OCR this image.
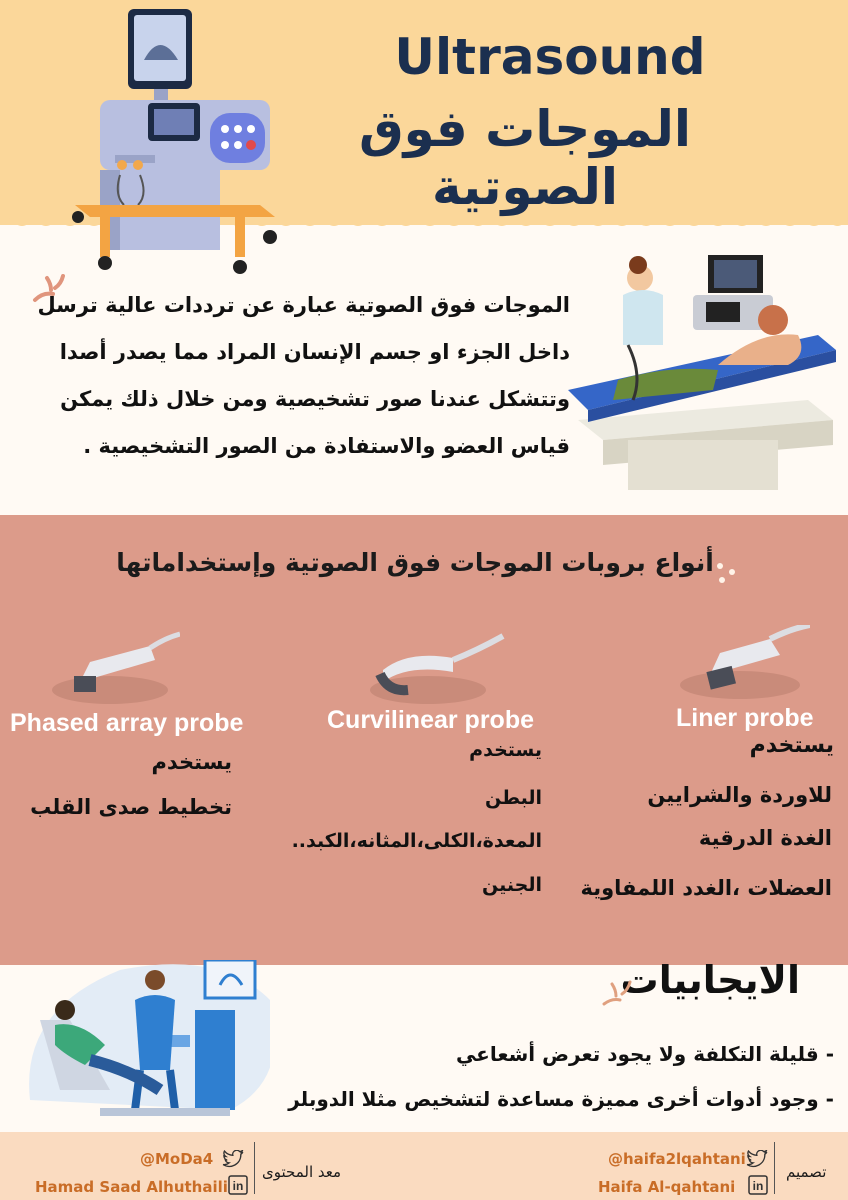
Ultrasound
الموجات فوق الصوتية
الموجات فوق الصوتية عبارة عن ترددات عالية ترسل
داخل الجزء او جسم الإنسان المراد مما يصدر أصدا
وتتشكل عندنا صور تشخيصية ومن خلال ذلك يمكن
قياس العضو والاستفادة من الصور التشخيصية .
أنواع بروبات الموجات فوق الصوتية وإستخداماتها
Liner probe
يستخدم
للاوردة والشرايين
الغدة الدرقية
العضلات ،الغدد اللمفاوية
Curvilinear probe
يستخدم
البطن
المعدة،الكلى،المثانه،الكبد..
الجنين
Phased array probe
يستخدم
تخطيط صدى القلب
الايجابيات
- قليلة التكلفة ولا يجود تعرض أشعاعي
- وجود أدوات أخرى مميزة مساعدة لتشخيص مثلا الدوبلر
@MoDa4
Hamad Saad Alhuthaili in
معد المحتوى
@haifa2lqahtani
Haifa Al-qahtani in
تصميم
